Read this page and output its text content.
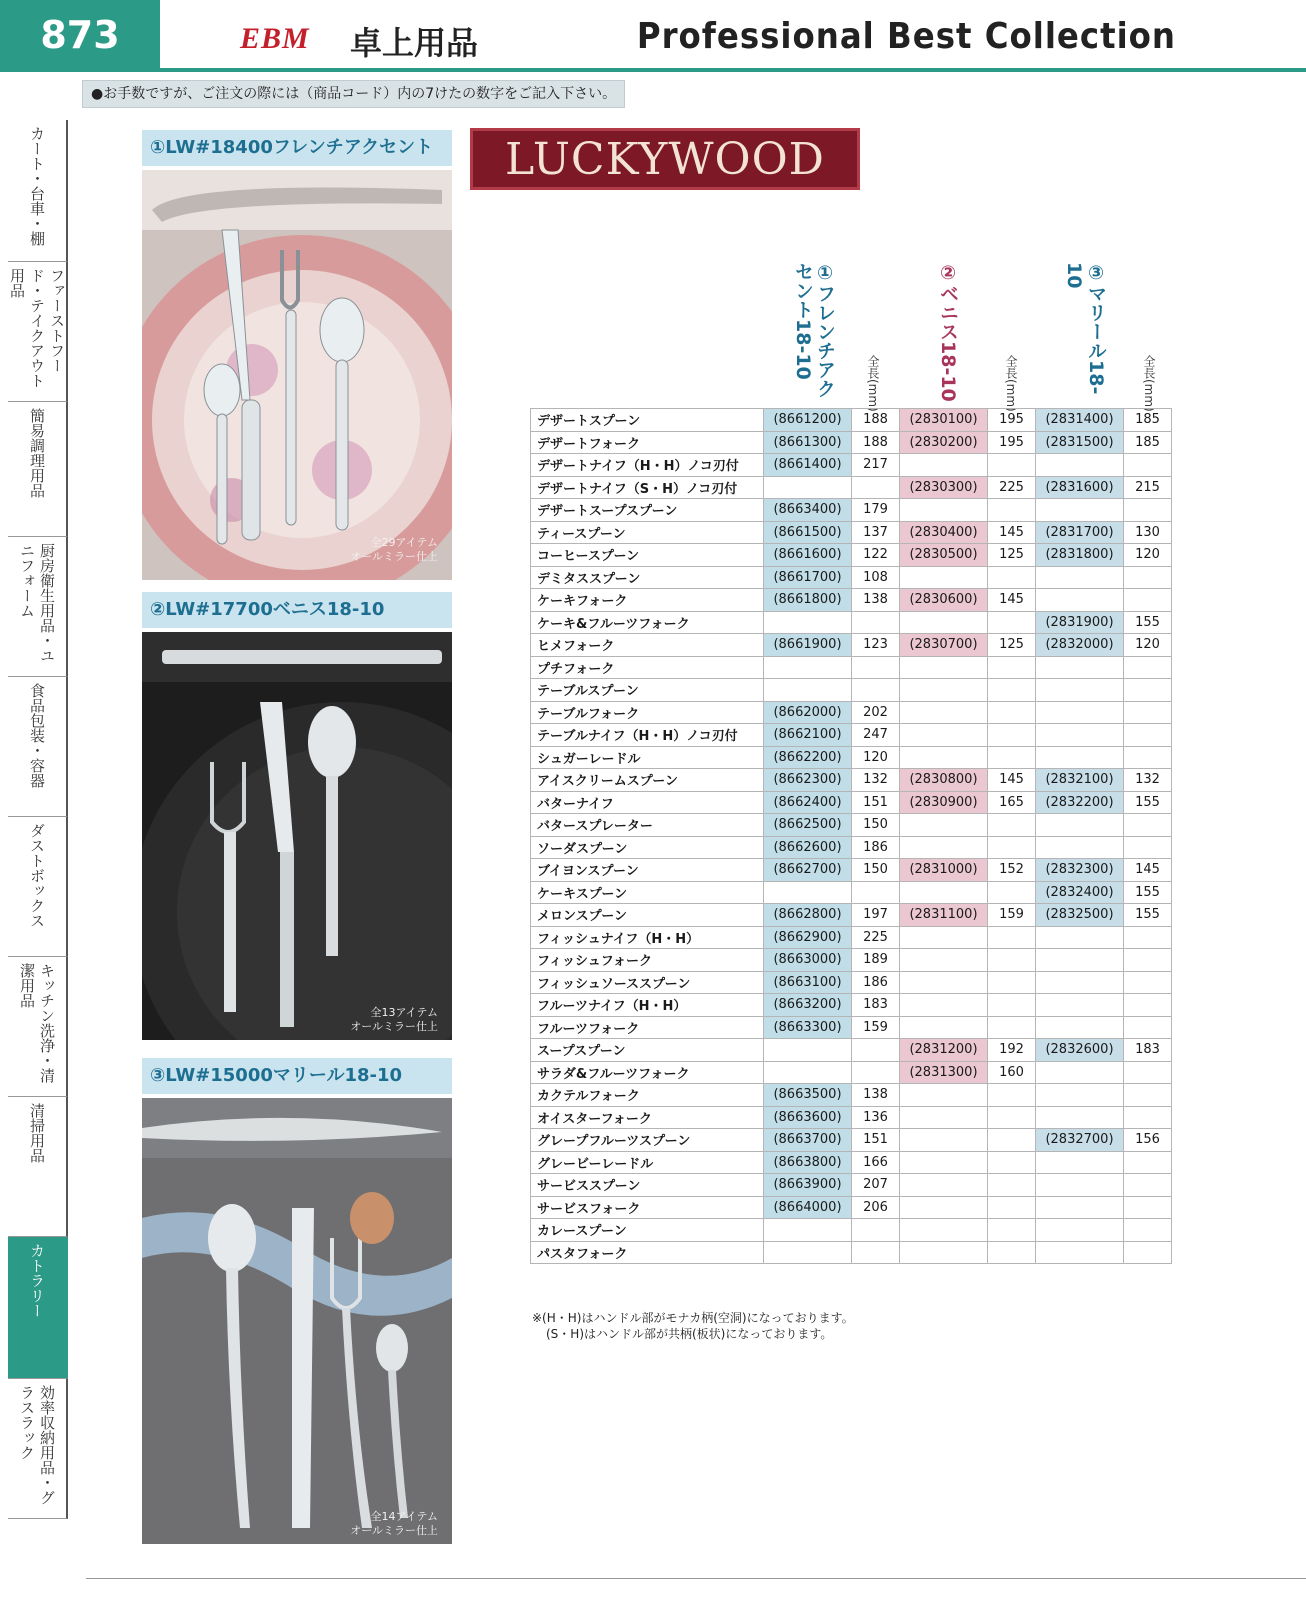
873	EBM 卓上用品	Professional Best Collection
●お手数ですが、ご注文の際には（商品コード）内の7けたの数字をご記入下さい。
カート・台車・棚
ファーストフード・テイクアウト用品
簡易調理用品
厨房衛生用品・ユニフォーム
食品包装・容器
ダストボックス
キッチン洗浄・清潔用品
清掃用品
カトラリー
効率収納用品・グラスラック
①LW#18400フレンチアクセント
全29アイテム
オールミラー仕上
②LW#17700ベニス18-10
全13アイテム
オールミラー仕上
③LW#15000マリール18-10
全14アイテム
オールミラー仕上
LUCKYWOOD
①フレンチアクセント18-10
全長(mm)	②ベニス18-10	全長(mm)	③マリール18-10
全長(mm)
デザートスプーン	(8661200)	188	(2830100)	195	(2831400)	185
デザートフォーク	(8661300)	188	(2830200)	195	(2831500)	185
デザートナイフ（H・H）ノコ刃付	(8661400)	217				
デザートナイフ（S・H）ノコ刃付			(2830300)	225	(2831600)	215
デザートスープスプーン	(8663400)	179				
ティースプーン	(8661500)	137	(2830400)	145	(2831700)	130
コーヒースプーン	(8661600)	122	(2830500)	125	(2831800)	120
デミタススプーン	(8661700)	108				
ケーキフォーク	(8661800)	138	(2830600)	145		
ケーキ&フルーツフォーク					(2831900)	155
ヒメフォーク	(8661900)	123	(2830700)	125	(2832000)	120
プチフォーク						
テーブルスプーン						
テーブルフォーク	(8662000)	202				
テーブルナイフ（H・H）ノコ刃付	(8662100)	247				
シュガーレードル	(8662200)	120				
アイスクリームスプーン	(8662300)	132	(2830800)	145	(2832100)	132
バターナイフ	(8662400)	151	(2830900)	165	(2832200)	155
バタースプレーター	(8662500)	150				
ソーダスプーン	(8662600)	186				
ブイヨンスプーン	(8662700)	150	(2831000)	152	(2832300)	145
ケーキスプーン					(2832400)	155
メロンスプーン	(8662800)	197	(2831100)	159	(2832500)	155
フィッシュナイフ（H・H）	(8662900)	225				
フィッシュフォーク	(8663000)	189				
フィッシュソーススプーン	(8663100)	186				
フルーツナイフ（H・H）	(8663200)	183				
フルーツフォーク	(8663300)	159				
スープスプーン			(2831200)	192	(2832600)	183
サラダ&フルーツフォーク			(2831300)	160		
カクテルフォーク	(8663500)	138				
オイスターフォーク	(8663600)	136				
グレープフルーツスプーン	(8663700)	151			(2832700)	156
グレービーレードル	(8663800)	166				
サービススプーン	(8663900)	207				
サービスフォーク	(8664000)	206				
カレースプーン						
パスタフォーク						
※(H・H)はハンドル部がモナカ柄(空洞)になっております。
(S・H)はハンドル部が共柄(板状)になっております。
